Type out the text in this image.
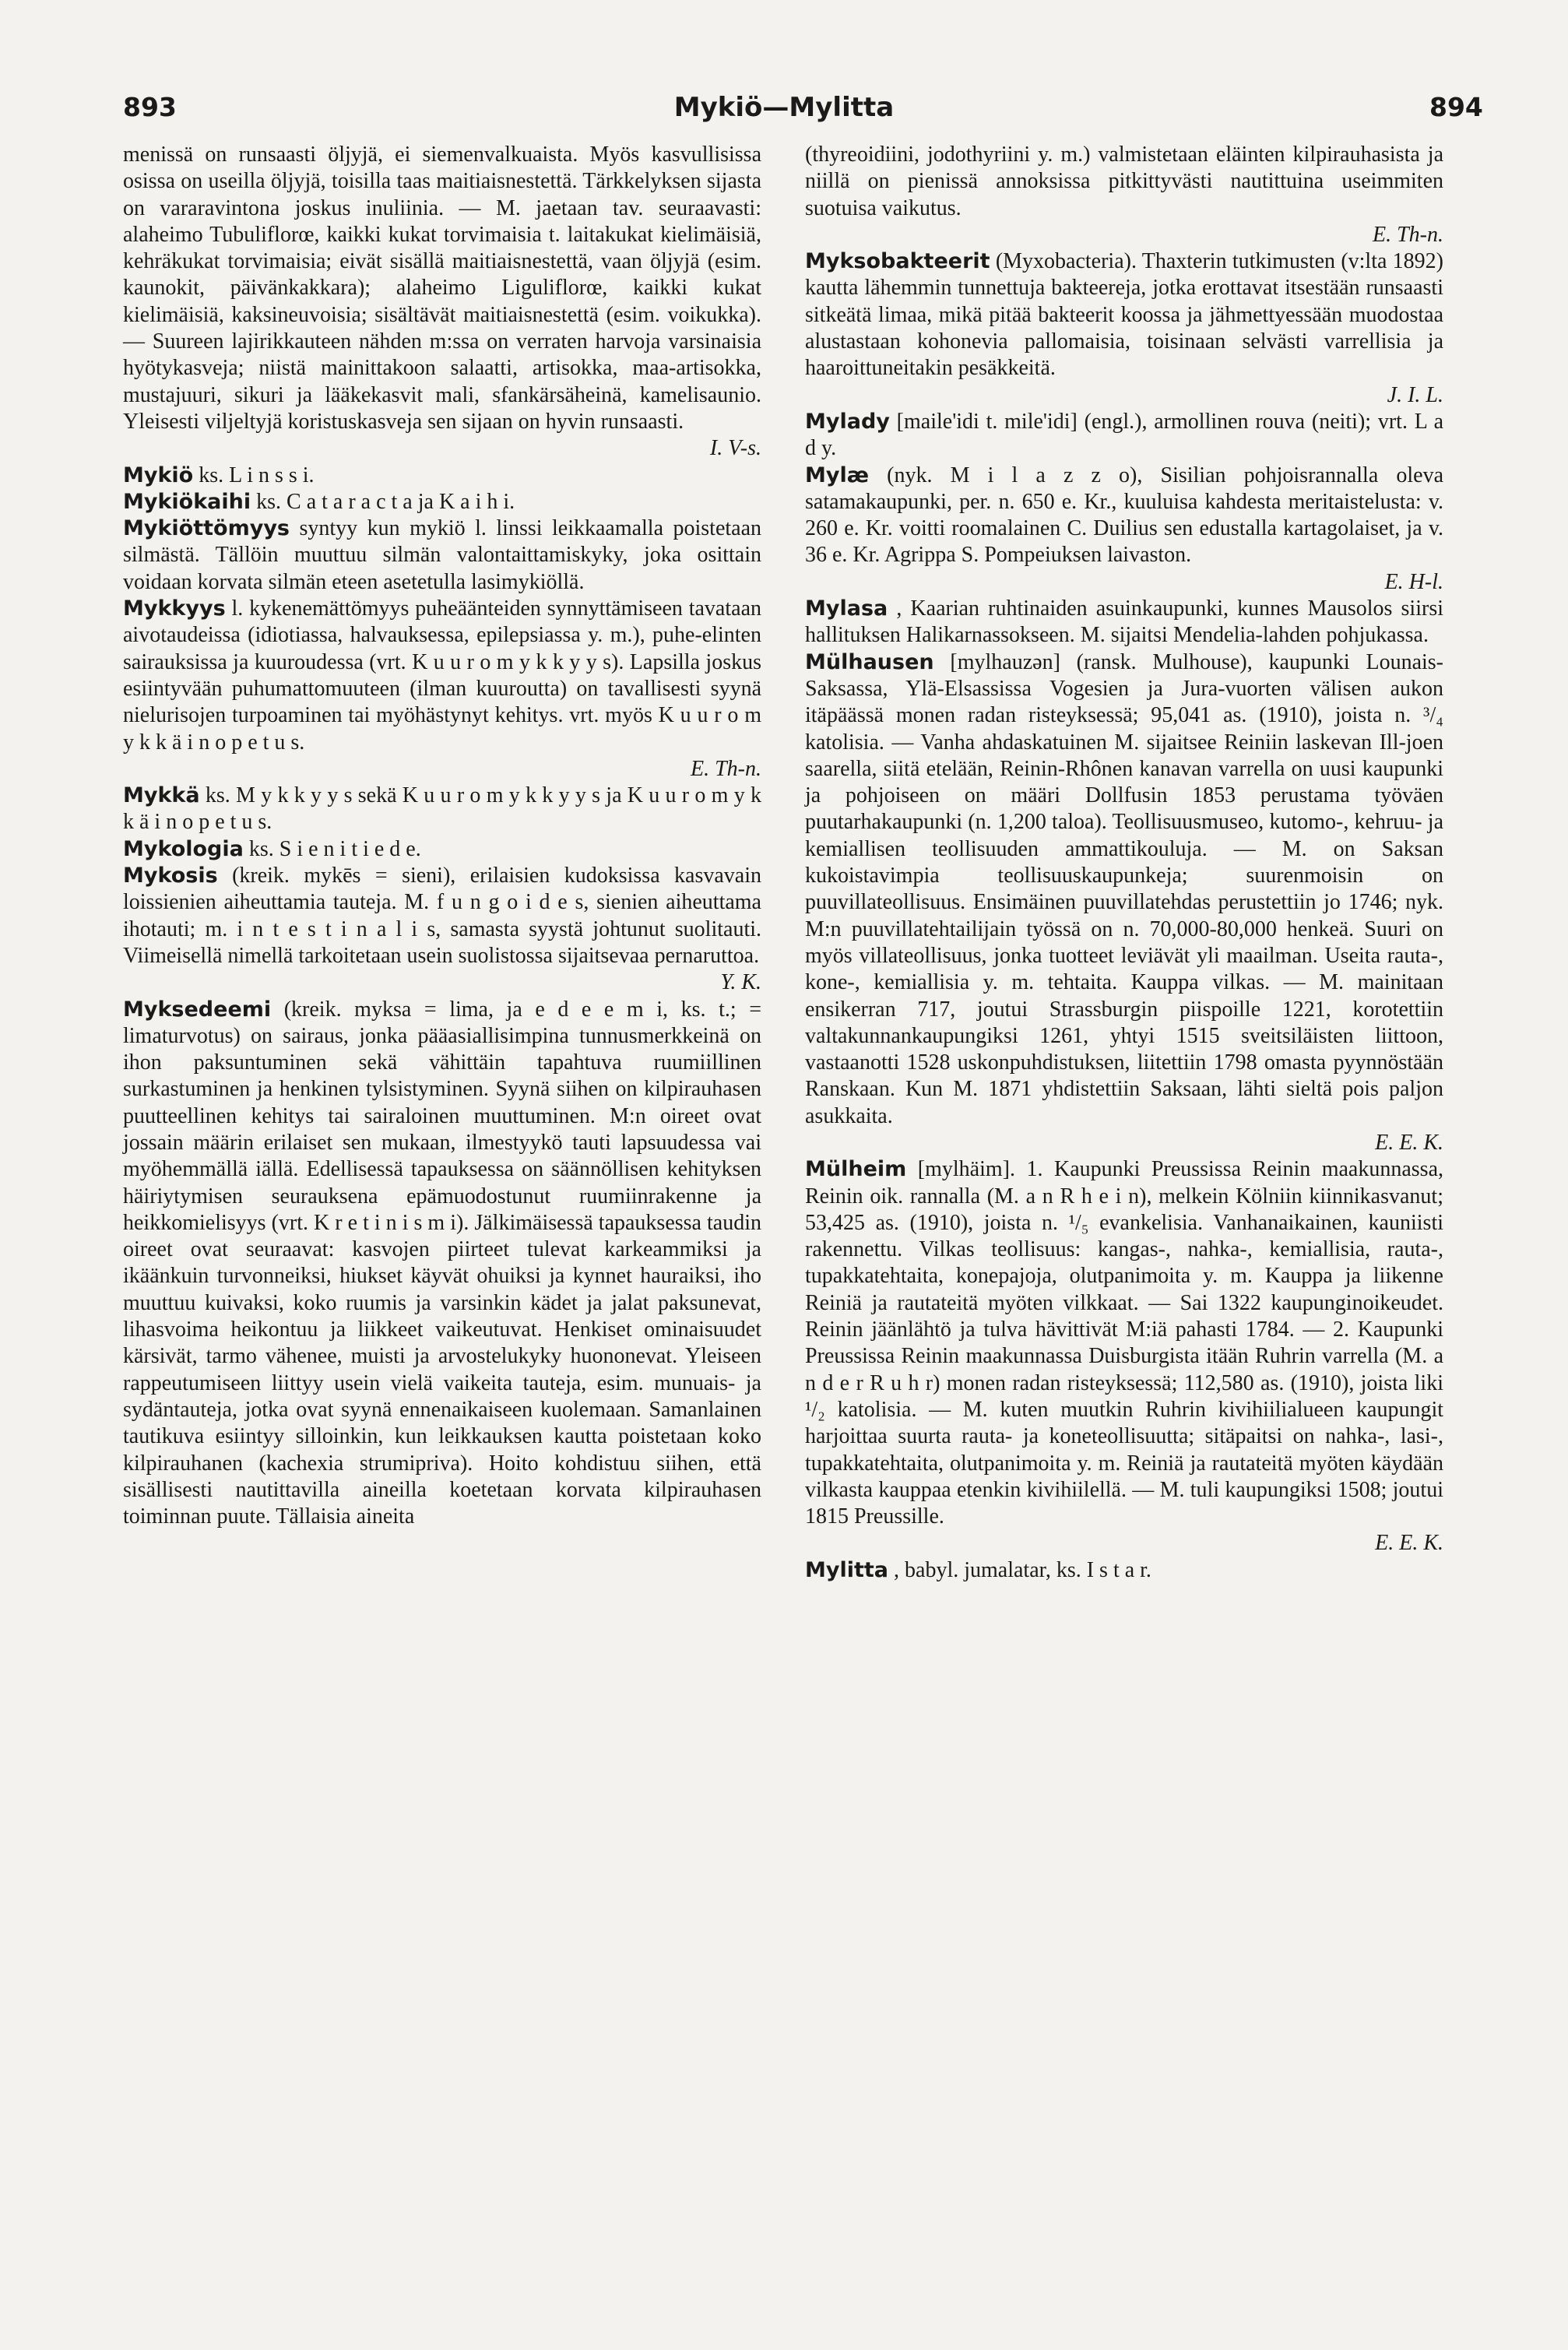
893	Mykiö—Mylitta	894

menissä on runsaasti öljyjä, ei siemenvalkuaista. Myös kasvullisissa osissa on useilla öljyjä, toisilla taas maitiaisnestettä. Tärkkelyksen sijasta on vararavintona joskus inuliinia. — M. jaetaan tav. seuraavasti: alaheimo Tubuliflorœ, kaikki kukat torvimaisia t. laitakukat kielimäisiä, kehräkukat torvimaisia; eivät sisällä maitiaisnestettä, vaan öljyjä (esim. kaunokit, päivänkakkara); alaheimo Liguliflorœ, kaikki kukat kielimäisiä, kaksineuvoisia; sisältävät maitiaisnestettä (esim. voikukka). — Suureen lajirikkauteen nähden m:ssa on verraten harvoja varsinaisia hyötykasveja; niistä mainittakoon salaatti, artisokka, maa-artisokka, mustajuuri, sikuri ja lääkekasvit mali, sfankärsäheinä, kamelisaunio. Yleisesti viljeltyjä koristuskasveja sen sijaan on hyvin runsaasti.

I. V-s.

Mykiö ks. L i n s s i.

Mykiökaihi ks. C a t a r a c t a ja K a i h i.

Mykiöttömyys syntyy kun mykiö l. linssi leikkaamalla poistetaan silmästä. Tällöin muuttuu silmän valontaittamiskyky, joka osittain voidaan korvata silmän eteen asetetulla lasimykiöllä.

Mykkyys l. kykenemättömyys puheäänteiden synnyttämiseen tavataan aivotaudeissa (idiotiassa, halvauksessa, epilepsiassa y. m.), puhe-elinten sairauksissa ja kuuroudessa (vrt. K u u r o m y k k y y s). Lapsilla joskus esiintyvään puhumattomuuteen (ilman kuuroutta) on tavallisesti syynä nielurisojen turpoaminen tai myöhästynyt kehitys. vrt. myös K u u r o m y k k ä i n o p e t u s.

E. Th-n.

Mykkä ks. M y k k y y s sekä K u u r o m y k k y y s ja K u u r o m y k k ä i n o p e t u s.

Mykologia ks. S i e n i t i e d e.

Mykosis (kreik. mykēs = sieni), erilaisien kudoksissa kasvavain loissienien aiheuttamia tauteja. M. f u n g o i d e s, sienien aiheuttama ihotauti; m. i n t e s t i n a l i s, samasta syystä johtunut suolitauti. Viimeisellä nimellä tarkoitetaan usein suolistossa sijaitsevaa pernaruttoa.

Y. K.

Myksedeemi (kreik. myksa = lima, ja e d e e m i, ks. t.; = limaturvotus) on sairaus, jonka pääasiallisimpina tunnusmerkkeinä on ihon paksuntuminen sekä vähittäin tapahtuva ruumiillinen surkastuminen ja henkinen tylsistyminen. Syynä siihen on kilpirauhasen puutteellinen kehitys tai sairaloinen muuttuminen. M:n oireet ovat jossain määrin erilaiset sen mukaan, ilmestyykö tauti lapsuudessa vai myöhemmällä iällä. Edellisessä tapauksessa on säännöllisen kehityksen häiriytymisen seurauksena epämuodostunut ruumiinrakenne ja heikkomielisyys (vrt. K r e t i n i s m i). Jälkimäisessä tapauksessa taudin oireet ovat seuraavat: kasvojen piirteet tulevat karkeammiksi ja ikäänkuin turvonneiksi, hiukset käyvät ohuiksi ja kynnet hauraiksi, iho muuttuu kuivaksi, koko ruumis ja varsinkin kädet ja jalat paksunevat, lihasvoima heikontuu ja liikkeet vaikeutuvat. Henkiset ominaisuudet kärsivät, tarmo vähenee, muisti ja arvostelukyky huononevat. Yleiseen rappeutumiseen liittyy usein vielä vaikeita tauteja, esim. munuais- ja sydäntauteja, jotka ovat syynä ennenaikaiseen kuolemaan. Samanlainen tautikuva esiintyy silloinkin, kun leikkauksen kautta poistetaan koko kilpirauhanen (kachexia strumipriva). Hoito kohdistuu siihen, että sisällisesti nautittavilla aineilla koetetaan korvata kilpirauhasen toiminnan puute. Tällaisia aineita

(thyreoidiini, jodothyriini y. m.) valmistetaan eläinten kilpirauhasista ja niillä on pienissä annoksissa pitkittyvästi nautittuina useimmiten suotuisa vaikutus.

E. Th-n.

Myksobakteerit (Myxobacteria). Thaxterin tutkimusten (v:lta 1892) kautta lähemmin tunnettuja bakteereja, jotka erottavat itsestään runsaasti sitkeätä limaa, mikä pitää bakteerit koossa ja jähmettyessään muodostaa alustastaan kohonevia pallomaisia, toisinaan selvästi varrellisia ja haaroittuneitakin pesäkkeitä.

J. I. L.

Mylady [maile'idi t. mile'idi] (engl.), armollinen rouva (neiti); vrt. L a d y.

Mylæ (nyk. M i l a z z o), Sisilian pohjoisrannalla oleva satamakaupunki, per. n. 650 e. Kr., kuuluisa kahdesta meritaistelusta: v. 260 e. Kr. voitti roomalainen C. Duilius sen edustalla kartagolaiset, ja v. 36 e. Kr. Agrippa S. Pompeiuksen laivaston.

E. H-l.

Mylasa , Kaarian ruhtinaiden asuinkaupunki, kunnes Mausolos siirsi hallituksen Halikarnassokseen. M. sijaitsi Mendelia-lahden pohjukassa.

Mülhausen [mylhauzən] (ransk. Mulhouse), kaupunki Lounais-Saksassa, Ylä-Elsassissa Vogesien ja Jura-vuorten välisen aukon itäpäässä monen radan risteyksessä; 95,041 as. (1910), joista n. ³/₄ katolisia. — Vanha ahdaskatuinen M. sijaitsee Reiniin laskevan Ill-joen saarella, siitä etelään, Reinin-Rhônen kanavan varrella on uusi kaupunki ja pohjoiseen on määri Dollfusin 1853 perustama työväen puutarhakaupunki (n. 1,200 taloa). Teollisuusmuseo, kutomo-, kehruu- ja kemiallisen teollisuuden ammattikouluja. — M. on Saksan kukoistavimpia teollisuuskaupunkeja; suurenmoisin on puuvillateollisuus. Ensimäinen puuvillatehdas perustettiin jo 1746; nyk. M:n puuvillatehtailijain työssä on n. 70,000-80,000 henkeä. Suuri on myös villateollisuus, jonka tuotteet leviävät yli maailman. Useita rauta-, kone-, kemiallisia y. m. tehtaita. Kauppa vilkas. — M. mainitaan ensikerran 717, joutui Strassburgin piispoille 1221, korotettiin valtakunnankaupungiksi 1261, yhtyi 1515 sveitsiläisten liittoon, vastaanotti 1528 uskonpuhdistuksen, liitettiin 1798 omasta pyynnöstään Ranskaan. Kun M. 1871 yhdistettiin Saksaan, lähti sieltä pois paljon asukkaita.

E. E. K.

Mülheim [mylhäim]. 1. Kaupunki Preussissa Reinin maakunnassa, Reinin oik. rannalla (M. a n R h e i n), melkein Kölniin kiinnikasvanut; 53,425 as. (1910), joista n. ¹/₅ evankelisia. Vanhanaikainen, kauniisti rakennettu. Vilkas teollisuus: kangas-, nahka-, kemiallisia, rauta-, tupakkatehtaita, konepajoja, olutpanimoita y. m. Kauppa ja liikenne Reiniä ja rautateitä myöten vilkkaat. — Sai 1322 kaupunginoikeudet. Reinin jäänlähtö ja tulva hävittivät M:iä pahasti 1784. — 2. Kaupunki Preussissa Reinin maakunnassa Duisburgista itään Ruhrin varrella (M. a n d e r R u h r) monen radan risteyksessä; 112,580 as. (1910), joista liki ¹/₂ katolisia. — M. kuten muutkin Ruhrin kivihiilialueen kaupungit harjoittaa suurta rauta- ja koneteollisuutta; sitäpaitsi on nahka-, lasi-, tupakkatehtaita, olutpanimoita y. m. Reiniä ja rautateitä myöten käydään vilkasta kauppaa etenkin kivihiilellä. — M. tuli kaupungiksi 1508; joutui 1815 Preussille.

E. E. K.

Mylitta , babyl. jumalatar, ks. I s t a r.
